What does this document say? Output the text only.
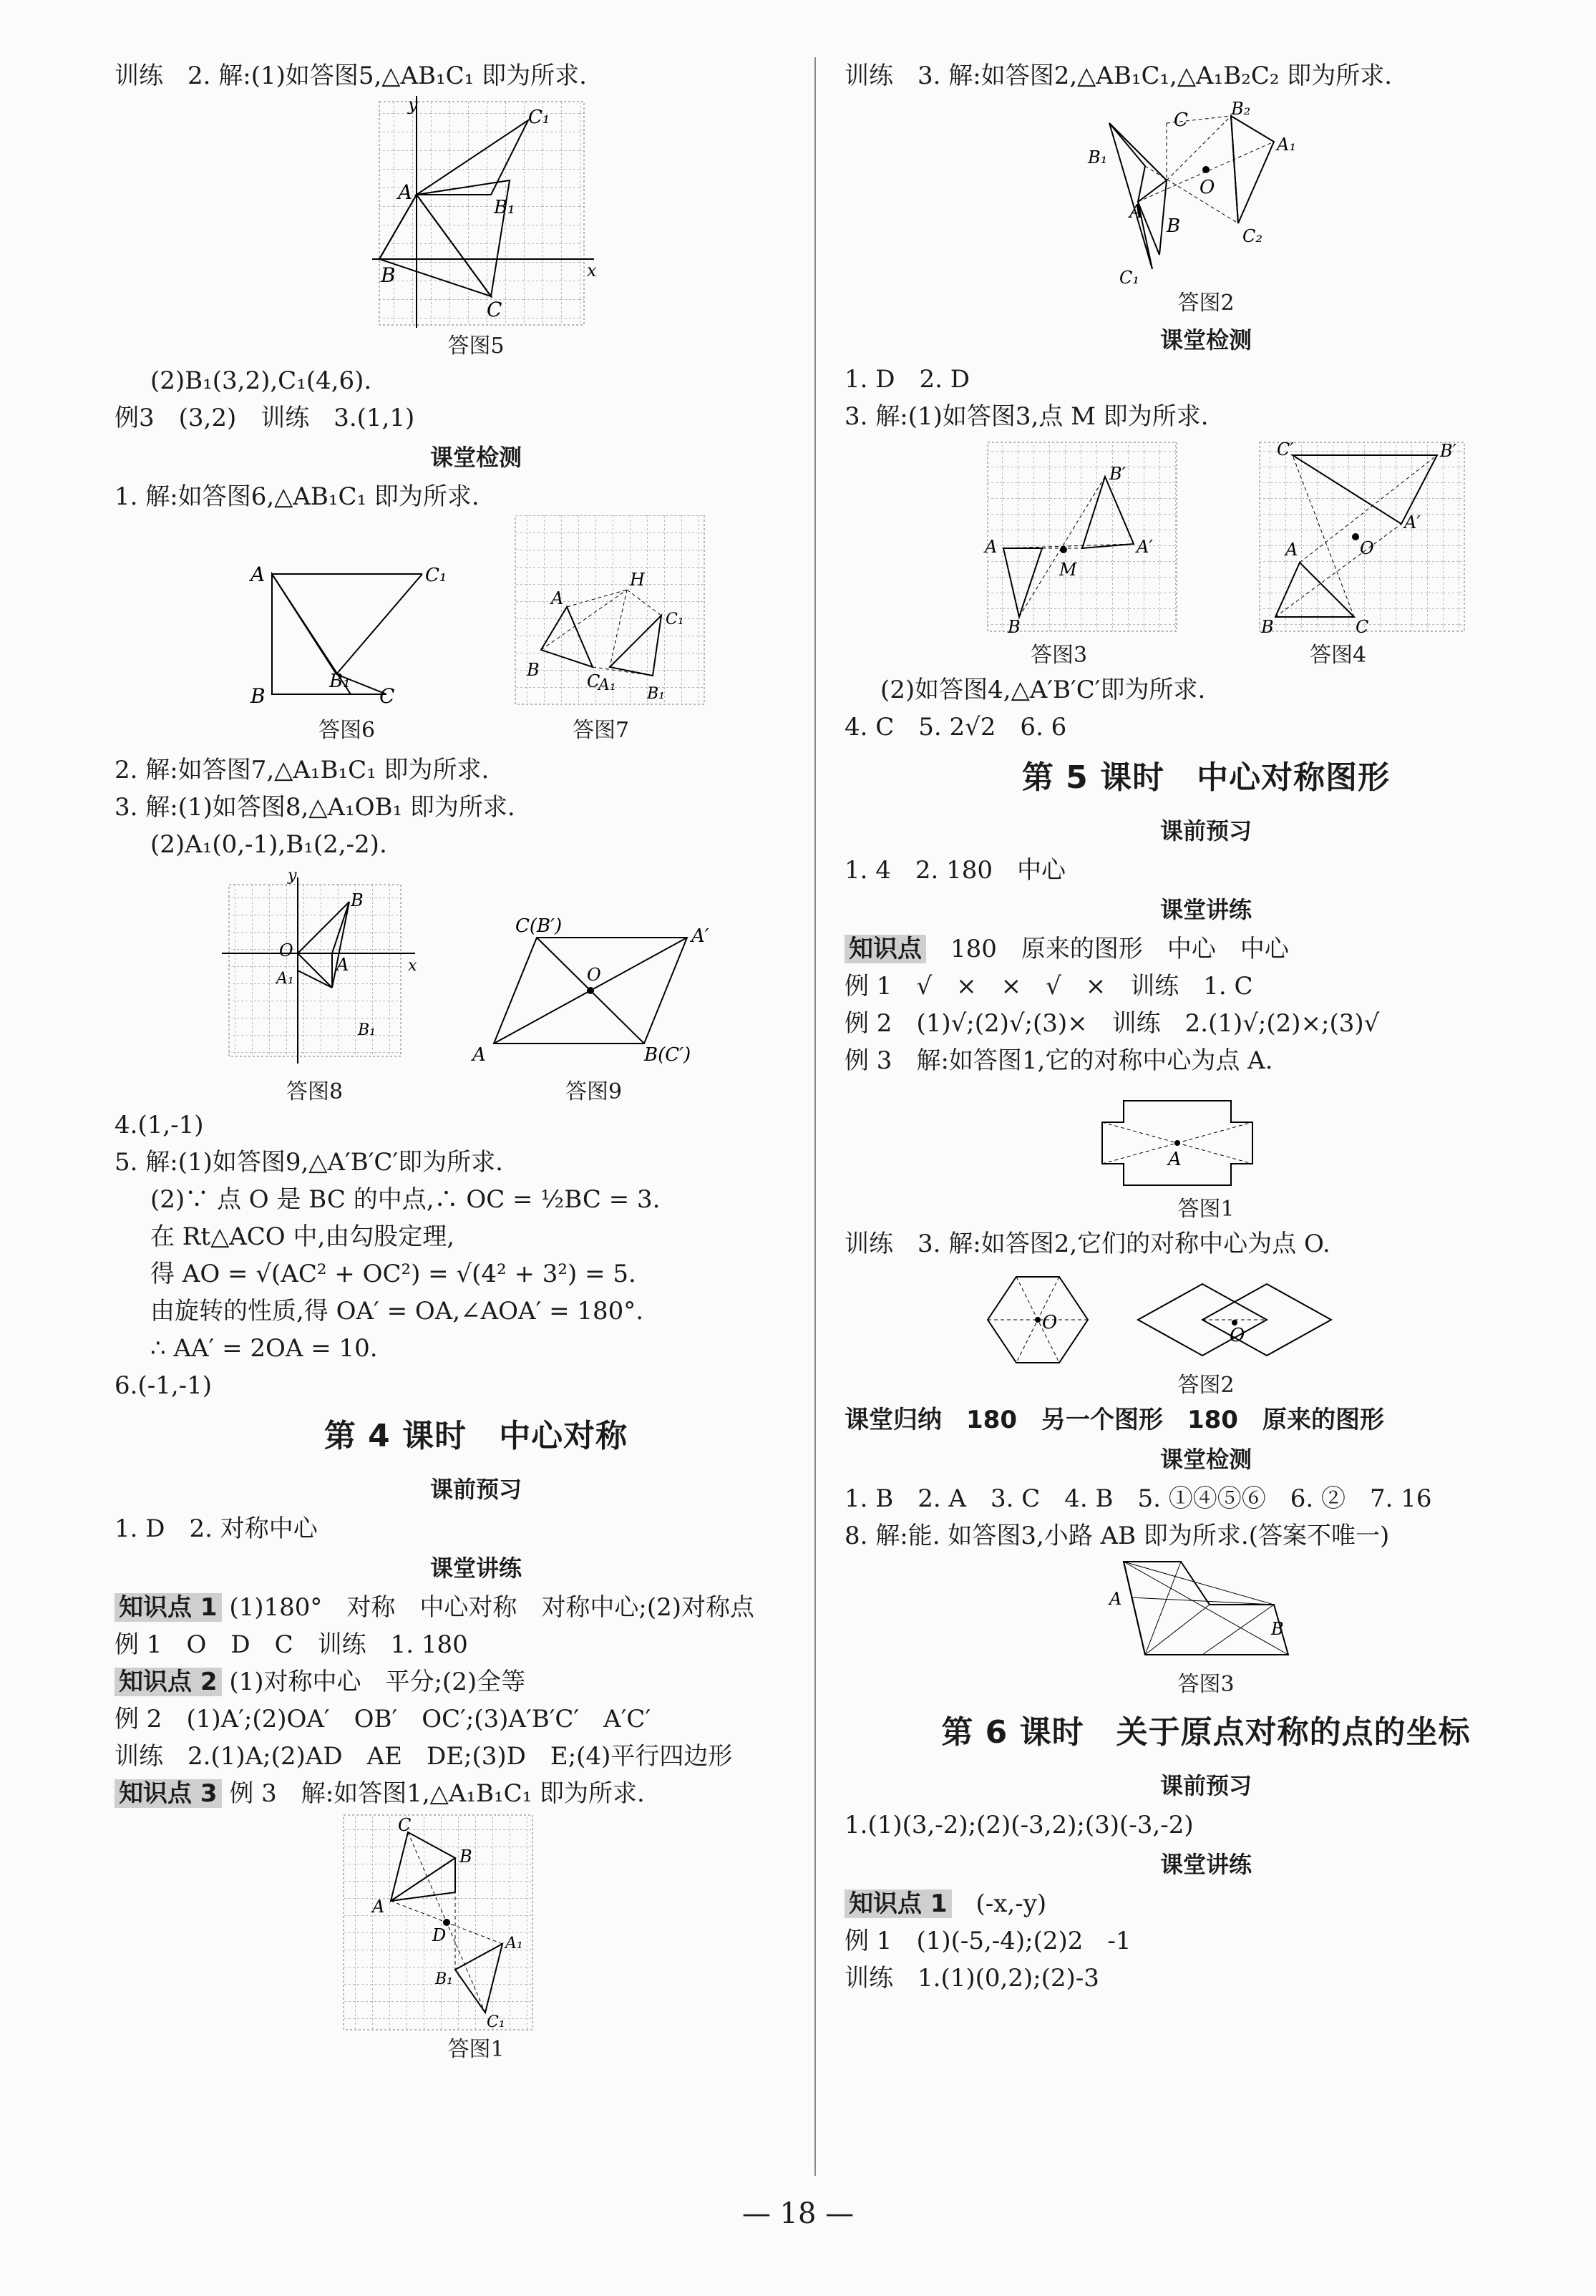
训练　2. 解:(1)如答图5,△AB₁C₁ 即为所求.
A
B
C
C₁
B₁
y
x
答图5
(2)B₁(3,2),C₁(4,6).
例3　(3,2)　训练　3.(1,1)
课堂检测
1. 解:如答图6,△AB₁C₁ 即为所求.
A
B
B₁
C
C₁
A
B
C
H
C₁
B₁
A₁
答图6	答图7
2. 解:如答图7,△A₁B₁C₁ 即为所求.
3. 解:(1)如答图8,△A₁OB₁ 即为所求.
(2)A₁(0,-1),B₁(2,-2).
O
A
B
A₁
B₁
x
y
O
C(B′)	A′
A	B(C′)
答图8	答图9
4.(1,-1)
5. 解:(1)如答图9,△A′B′C′即为所求.
(2)∵ 点 O 是 BC 的中点,∴ OC = ½BC = 3.
在 Rt△ACO 中,由勾股定理,
得 AO = √(AC² + OC²) = √(4² + 3²) = 5.
由旋转的性质,得 OA′ = OA,∠AOA′ = 180°.
∴ AA′ = 2OA = 10.
6.(-1,-1)
第 4 课时　中心对称
课前预习
1. D　2. 对称中心
课堂讲练
知识点 1 (1)180°　对称　中心对称　对称中心;(2)对称点
例 1　O　D　C　训练　1. 180
知识点 2 (1)对称中心　平分;(2)全等
例 2　(1)A′;(2)OA′　OB′　OC′;(3)A′B′C′　A′C′
训练　2.(1)A;(2)AD　AE　DE;(3)D　E;(4)平行四边形
知识点 3 例 3　解:如答图1,△A₁B₁C₁ 即为所求.
C
B
A
D	A₁
B₁
C₁
答图1
训练　3. 解:如答图2,△AB₁C₁,△A₁B₂C₂ 即为所求.
C
B₁
A
B
C₁
O
B₂
A₁
C₂
答图2
课堂检测
1. D　2. D
3. 解:(1)如答图3,点 M 即为所求.
A
B
B′
A′
M
C′	B′
A′
O
A
B	C
答图3	答图4
(2)如答图4,△A′B′C′即为所求.
4. C　5. 2√2　6. 6
第 5 课时　中心对称图形
课前预习
1. 4　2. 180　中心
课堂讲练
知识点　 180　原来的图形　中心　中心
例 1　√　×　×　√　×　训练　1. C
例 2　(1)√;(2)√;(3)×　训练　2.(1)√;(2)×;(3)√
例 3　解:如答图1,它的对称中心为点 A.
A
答图1
训练　3. 解:如答图2,它们的对称中心为点 O.
O
O
答图2
课堂归纳　180　另一个图形　180　原来的图形
课堂检测
1. B　2. A　3. C　4. B　5. ①④⑤⑥　6. ②　7. 16
8. 解:能. 如答图3,小路 AB 即为所求.(答案不唯一)
A
B
答图3
第 6 课时　关于原点对称的点的坐标
课前预习
1.(1)(3,-2);(2)(-3,2);(3)(-3,-2)
课堂讲练
知识点 1　 (-x,-y)
例 1　(1)(-5,-4);(2)2　-1
训练　1.(1)(0,2);(2)-3
— 18 —
